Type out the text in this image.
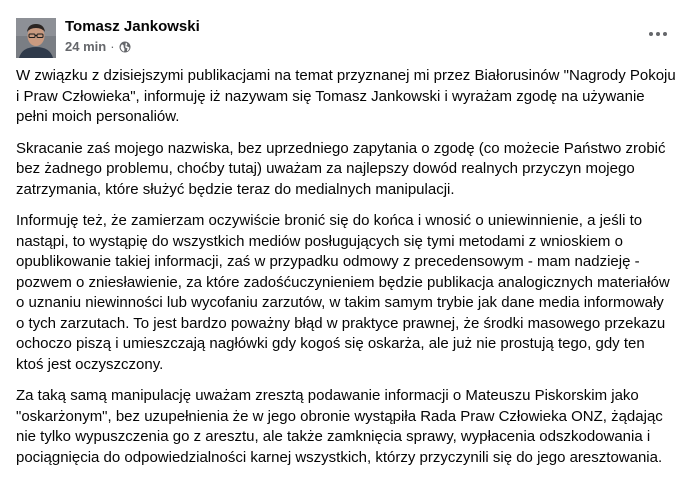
Tomasz Jankowski
24 min ·

W związku z dzisiejszymi publikacjami na temat przyznanej mi przez Białorusinów "Nagrody Pokoju i Praw Człowieka", informuję iż nazywam się Tomasz Jankowski i wyrażam zgodę na używanie pełni moich personaliów.

Skracanie zaś mojego nazwiska, bez uprzedniego zapytania o zgodę (co możecie Państwo zrobić bez żadnego problemu, choćby tutaj) uważam za najlepszy dowód realnych przyczyn mojego zatrzymania, które służyć będzie teraz do medialnych manipulacji.

Informuję też, że zamierzam oczywiście bronić się do końca i wnosić o uniewinnienie, a jeśli to nastąpi, to wystąpię do wszystkich mediów posługujących się tymi metodami z wnioskiem o opublikowanie takiej informacji, zaś w przypadku odmowy z precedensowym - mam nadzieję - pozwem o zniesławienie, za które zadośćuczynieniem będzie publikacja analogicznych materiałów o uznaniu niewinności lub wycofaniu zarzutów, w takim samym trybie jak dane media informowały o tych zarzutach. To jest bardzo poważny błąd w praktyce prawnej, że środki masowego przekazu ochoczo piszą i umieszczają nagłówki gdy kogoś się oskarża, ale już nie prostują tego, gdy ten ktoś jest oczyszczony.

Za taką samą manipulację uważam zresztą podawanie informacji o Mateuszu Piskorskim jako "oskarżonym", bez uzupełnienia że w jego obronie wystąpiła Rada Praw Człowieka ONZ, żądając nie tylko wypuszczenia go z aresztu, ale także zamknięcia sprawy, wypłacenia odszkodowania i pociągnięcia do odpowiedzialności karnej wszystkich, którzy przyczynili się do jego aresztowania.
